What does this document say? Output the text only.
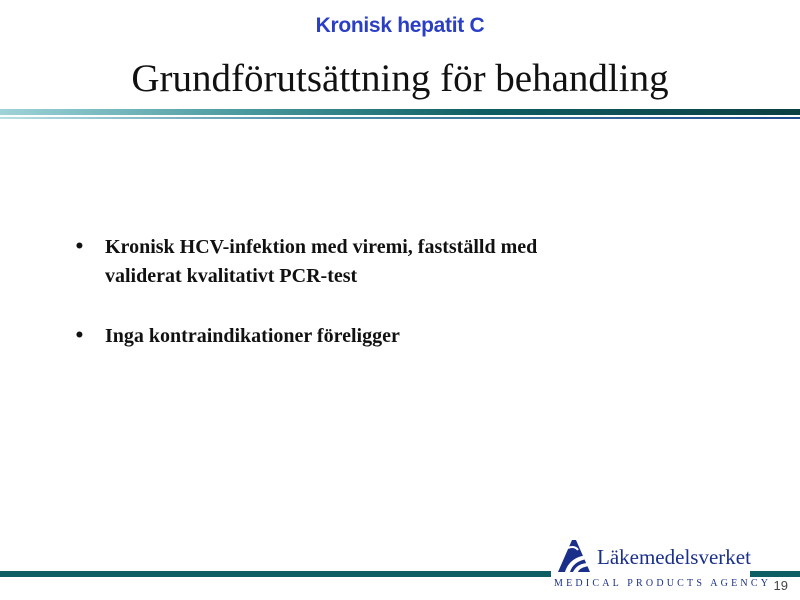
Kronisk hepatit C
Grundförutsättning för behandling
• Kronisk HCV-infektion med viremi, fastställd med
validerat kvalitativt PCR-test
• Inga kontraindikationer föreligger
Läkemedelsverket
MEDICAL PRODUCTS AGENCY 19
